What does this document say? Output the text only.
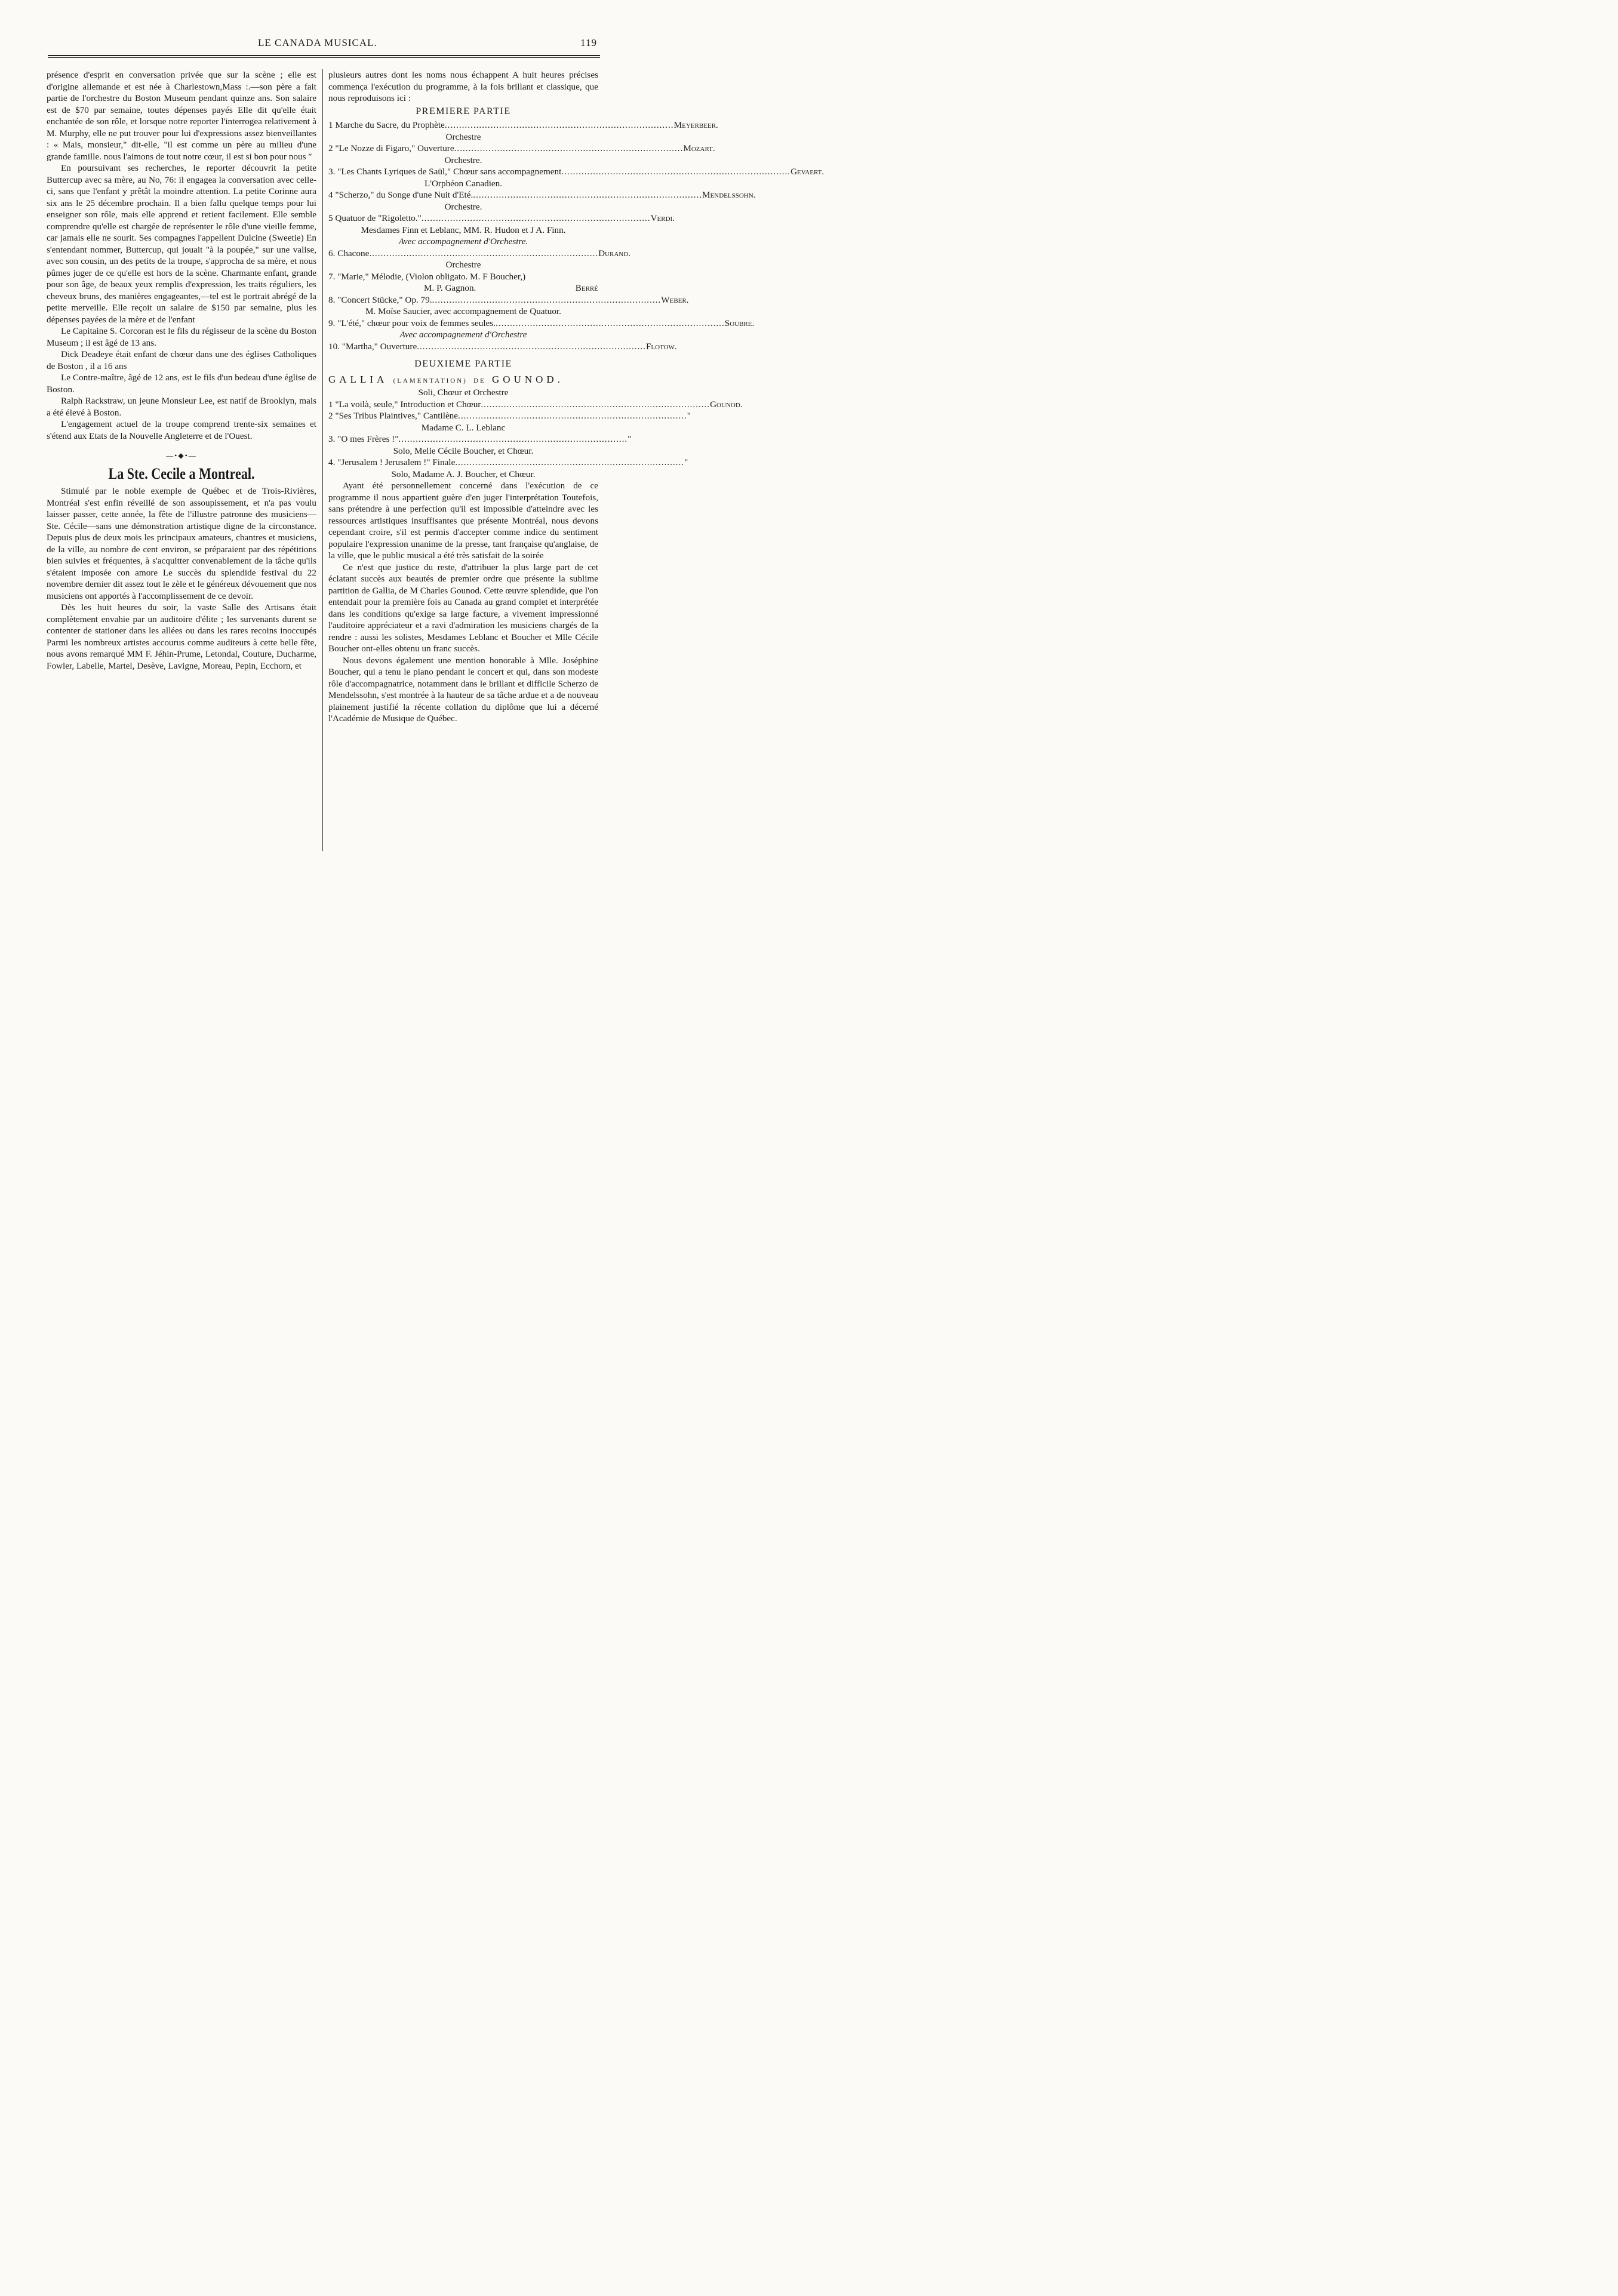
LE CANADA MUSICAL.	119

présence d'esprit en conversation privée que sur la scène ; elle est d'origine allemande et est née à Charlestown,Mass :.—son père a fait partie de l'orchestre du Boston Museum pendant quinze ans. Son salaire est de $70 par semaine, toutes dépenses payés Elle dit qu'elle était enchantée de son rôle, et lorsque notre reporter l'interrogea relativement à M. Murphy, elle ne put trouver pour lui d'expressions assez bienveillantes : « Mais, monsieur," dit-elle, "il est comme un père au milieu d'une grande famille. nous l'aimons de tout notre cœur, il est si bon pour nous "

En poursuivant ses recherches, le reporter découvrit la petite Buttercup avec sa mère, au No, 76: il engagea la conversation avec celle-ci, sans que l'enfant y prêtât la moindre attention. La petite Corinne aura six ans le 25 décembre prochain. Il a bien fallu quelque temps pour lui enseigner son rôle, mais elle apprend et retient facilement. Elle semble comprendre qu'elle est chargée de représenter le rôle d'une vieille femme, car jamais elle ne sourit. Ses compagnes l'appellent Dulcine (Sweetie) En s'entendant nommer, Buttercup, qui jouait "à la poupée," sur une valise, avec son cousin, un des petits de la troupe, s'approcha de sa mère, et nous pûmes juger de ce qu'elle est hors de la scène. Charmante enfant, grande pour son âge, de beaux yeux remplis d'expression, les traits réguliers, les cheveux bruns, des manières engageantes,—tel est le portrait abrégé de la petite merveille. Elle reçoit un salaire de $150 par semaine, plus les dépenses payées de la mère et de l'enfant

Le Capitaine S. Corcoran est le fils du régisseur de la scène du Boston Museum ; il est âgé de 13 ans.

Dick Deadeye était enfant de chœur dans une des églises Catholiques de Boston , il a 16 ans

Le Contre-maître, âgé de 12 ans, est le fils d'un bedeau d'une église de Boston.

Ralph Rackstraw, un jeune Monsieur Lee, est natif de Brooklyn, mais a été élevé à Boston.

L'engagement actuel de la troupe comprend trente-six semaines et s'étend aux Etats de la Nouvelle Angleterre et de l'Ouest.

—•◆•—
La Ste. Cecile a Montreal.

Stimulé par le noble exemple de Québec et de Trois-Rivières, Montréal s'est enfin réveillé de son assoupissement, et n'a pas voulu laisser passer, cette année, la fête de l'illustre patronne des musiciens—Ste. Cécile—sans une démonstration artistique digne de la circonstance. Depuis plus de deux mois les principaux amateurs, chantres et musiciens, de la ville, au nombre de cent environ, se préparaient par des répétitions bien suivies et fréquentes, à s'acquitter convenablement de la tâche qu'ils s'étaient imposée con amore Le succès du splendide festival du 22 novembre dernier dit assez tout le zèle et le généreux dévouement que nos musiciens ont apportés à l'accomplissement de ce devoir.

Dès les huit heures du soir, la vaste Salle des Artisans était complètement envahie par un auditoire d'élite ; les survenants durent se contenter de stationer dans les allées ou dans les rares recoins inoccupés Parmi les nombreux artistes accourus comme auditeurs à cette belle fête, nous avons remarqué MM F. Jéhin-Prume, Letondal, Couture, Ducharme, Fowler, Labelle, Martel, Desève, Lavigne, Moreau, Pepin, Ecchorn, et

plusieurs autres dont les noms nous échappent A huit heures précises commença l'exécution du programme, à la fois brillant et classique, que nous reproduisons ici :

PREMIERE PARTIE
1 Marche du Sacre, du Prophète ................................................................................ Meyerbeer.
Orchestre
2 "Le Nozze di Figaro," Ouverture ................................................................................ Mozart.
Orchestre.
3. "Les Chants Lyriques de Saül," Chœur sans accompagnement ................................................................................ Gevaert.
L'Orphéon Canadien.
4 "Scherzo," du Songe d'une Nuit d'Eté. ................................................................................ Mendelssohn.
Orchestre.
5 Quatuor de "Rigoletto." ................................................................................ Verdi.
Mesdames Finn et Leblanc, MM. R. Hudon et J A. Finn.
Avec accompagnement d'Orchestre.
6. Chacone ................................................................................ Durand.
Orchestre
7. "Marie," Mélodie, (Violon obligato. M. F Boucher,)
M. P. Gagnon.	Berré
8. "Concert Stücke," Op. 79. ................................................................................ Weber.
M. Moïse Saucier, avec accompagnement de Quatuor.
9. "L'été," chœur pour voix de femmes seules. ................................................................................ Soubre.
Avec accompagnement d'Orchestre
10. "Martha," Ouverture ................................................................................ Flotow.
DEUXIEME PARTIE
GALLIA (LAMENTATION) DE GOUNOD.
Soli, Chœur et Orchestre
1 "La voilà, seule," Introduction et Chœur ................................................................................ Gounod.
2 "Ses Tribus Plaintives," Cantilène ................................................................................ "
Madame C. L. Leblanc
3. "O mes Frères !" ................................................................................ "
Solo, Melle Cécile Boucher, et Chœur.
4. "Jerusalem ! Jerusalem !" Finale ................................................................................ "
Solo, Madame A. J. Boucher, et Chœur.

Ayant été personnellement concerné dans l'exécution de ce programme il nous appartient guère d'en juger l'interprétation Toutefois, sans prétendre à une perfection qu'il est impossible d'atteindre avec les ressources artistiques insuffisantes que présente Montréal, nous devons cependant croire, s'il est permis d'accepter comme indice du sentiment populaire l'expression unanime de la presse, tant française qu'anglaise, de la ville, que le public musical a été très satisfait de la soirée

Ce n'est que justice du reste, d'attribuer la plus large part de cet éclatant succès aux beautés de premier ordre que présente la sublime partition de Gallia, de M Charles Gounod. Cette œuvre splendide, que l'on entendait pour la première fois au Canada au grand complet et interprétée dans les conditions qu'exige sa large facture, a vivement impressionné l'auditoire appréciateur et a ravi d'admiration les musiciens chargés de la rendre : aussi les solistes, Mesdames Leblanc et Boucher et Mlle Cécile Boucher ont-elles obtenu un franc succès.

Nous devons également une mention honorable à Mlle. Joséphine Boucher, qui a tenu le piano pendant le concert et qui, dans son modeste rôle d'accompagnatrice, notamment dans le brillant et difficile Scherzo de Mendelssohn, s'est montrée à la hauteur de sa tâche ardue et a de nouveau plainement justifié la récente collation du diplôme que lui a décerné l'Académie de Musique de Québec.
